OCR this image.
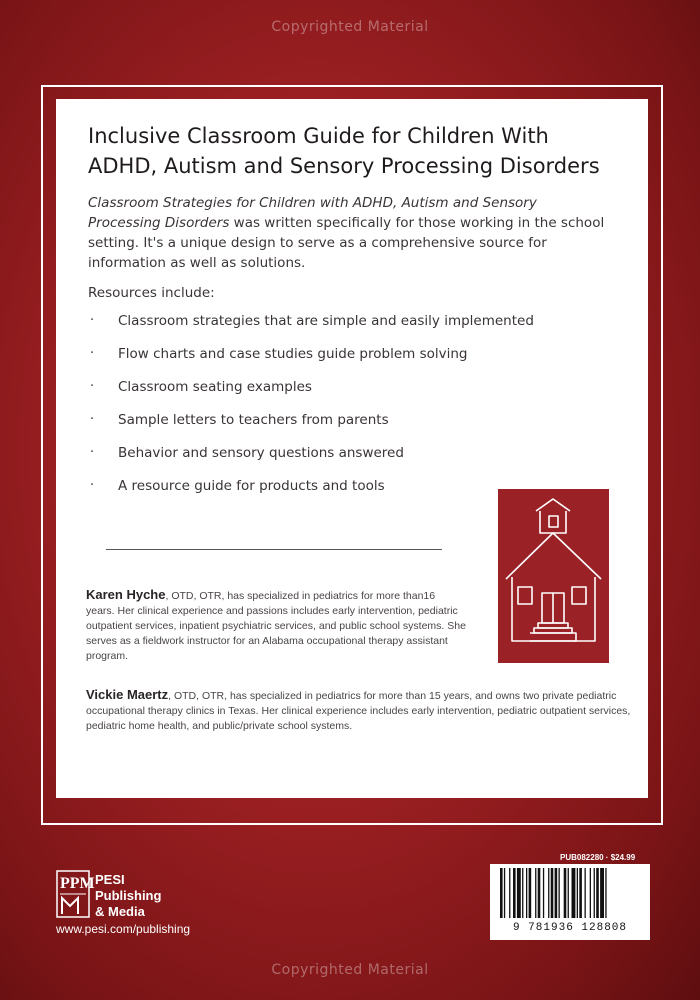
Copyrighted Material
Inclusive Classroom Guide for Children With
ADHD, Autism and Sensory Processing Disorders

Classroom Strategies for Children with ADHD, Autism and Sensory Processing Disorders was written specifically for those working in the school setting. It's a unique design to serve as a comprehensive source for information as well as solutions.

Resources include:

· Classroom strategies that are simple and easily implemented
· Flow charts and case studies guide problem solving
· Classroom seating examples
· Sample letters to teachers from parents
· Behavior and sensory questions answered
· A resource guide for products and tools
Karen Hyche, OTD, OTR, has specialized in pediatrics for more than16 years. Her clinical experience and passions includes early intervention, pediatric outpatient services, inpatient psychiatric services, and public school systems. She serves as a fieldwork instructor for an Alabama occupational therapy assistant program.
Vickie Maertz, OTD, OTR, has specialized in pediatrics for more than 15 years, and owns two private pediatric occupational therapy clinics in Texas. Her clinical experience includes early intervention, pediatric outpatient services, pediatric home health, and public/private school systems.
PPM PESI
Publishing
& Media
www.pesi.com/publishing
PUB082280 · $24.99
9 781936 128808
Copyrighted Material
